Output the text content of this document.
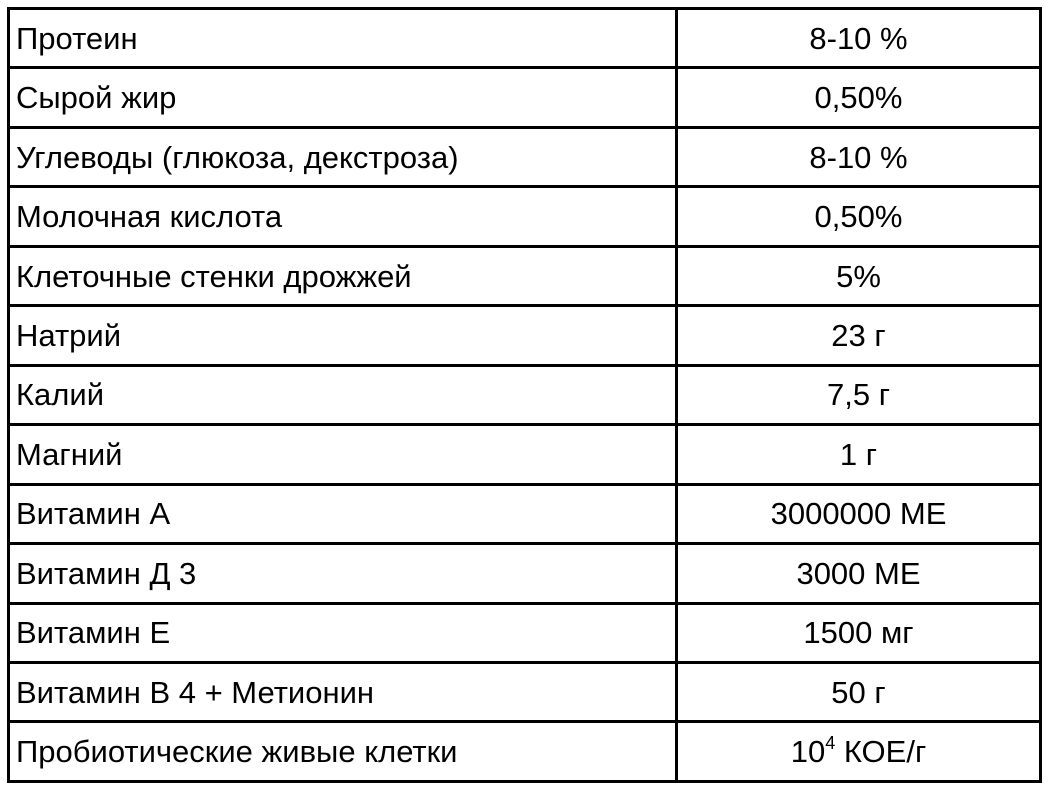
Протеин	8-10 %
Сырой жир	0,50%
Углеводы (глюкоза, декстроза)	8-10 %
Молочная кислота	0,50%
Клеточные стенки дрожжей	5%
Натрий	23 г
Калий	7,5 г
Магний	1 г
Витамин А	3000000 МЕ
Витамин Д 3	3000 МЕ
Витамин Е	1500 мг
Витамин В 4 + Метионин	50 г
Пробиотические живые клетки	$10^4$ КОЕ/г
